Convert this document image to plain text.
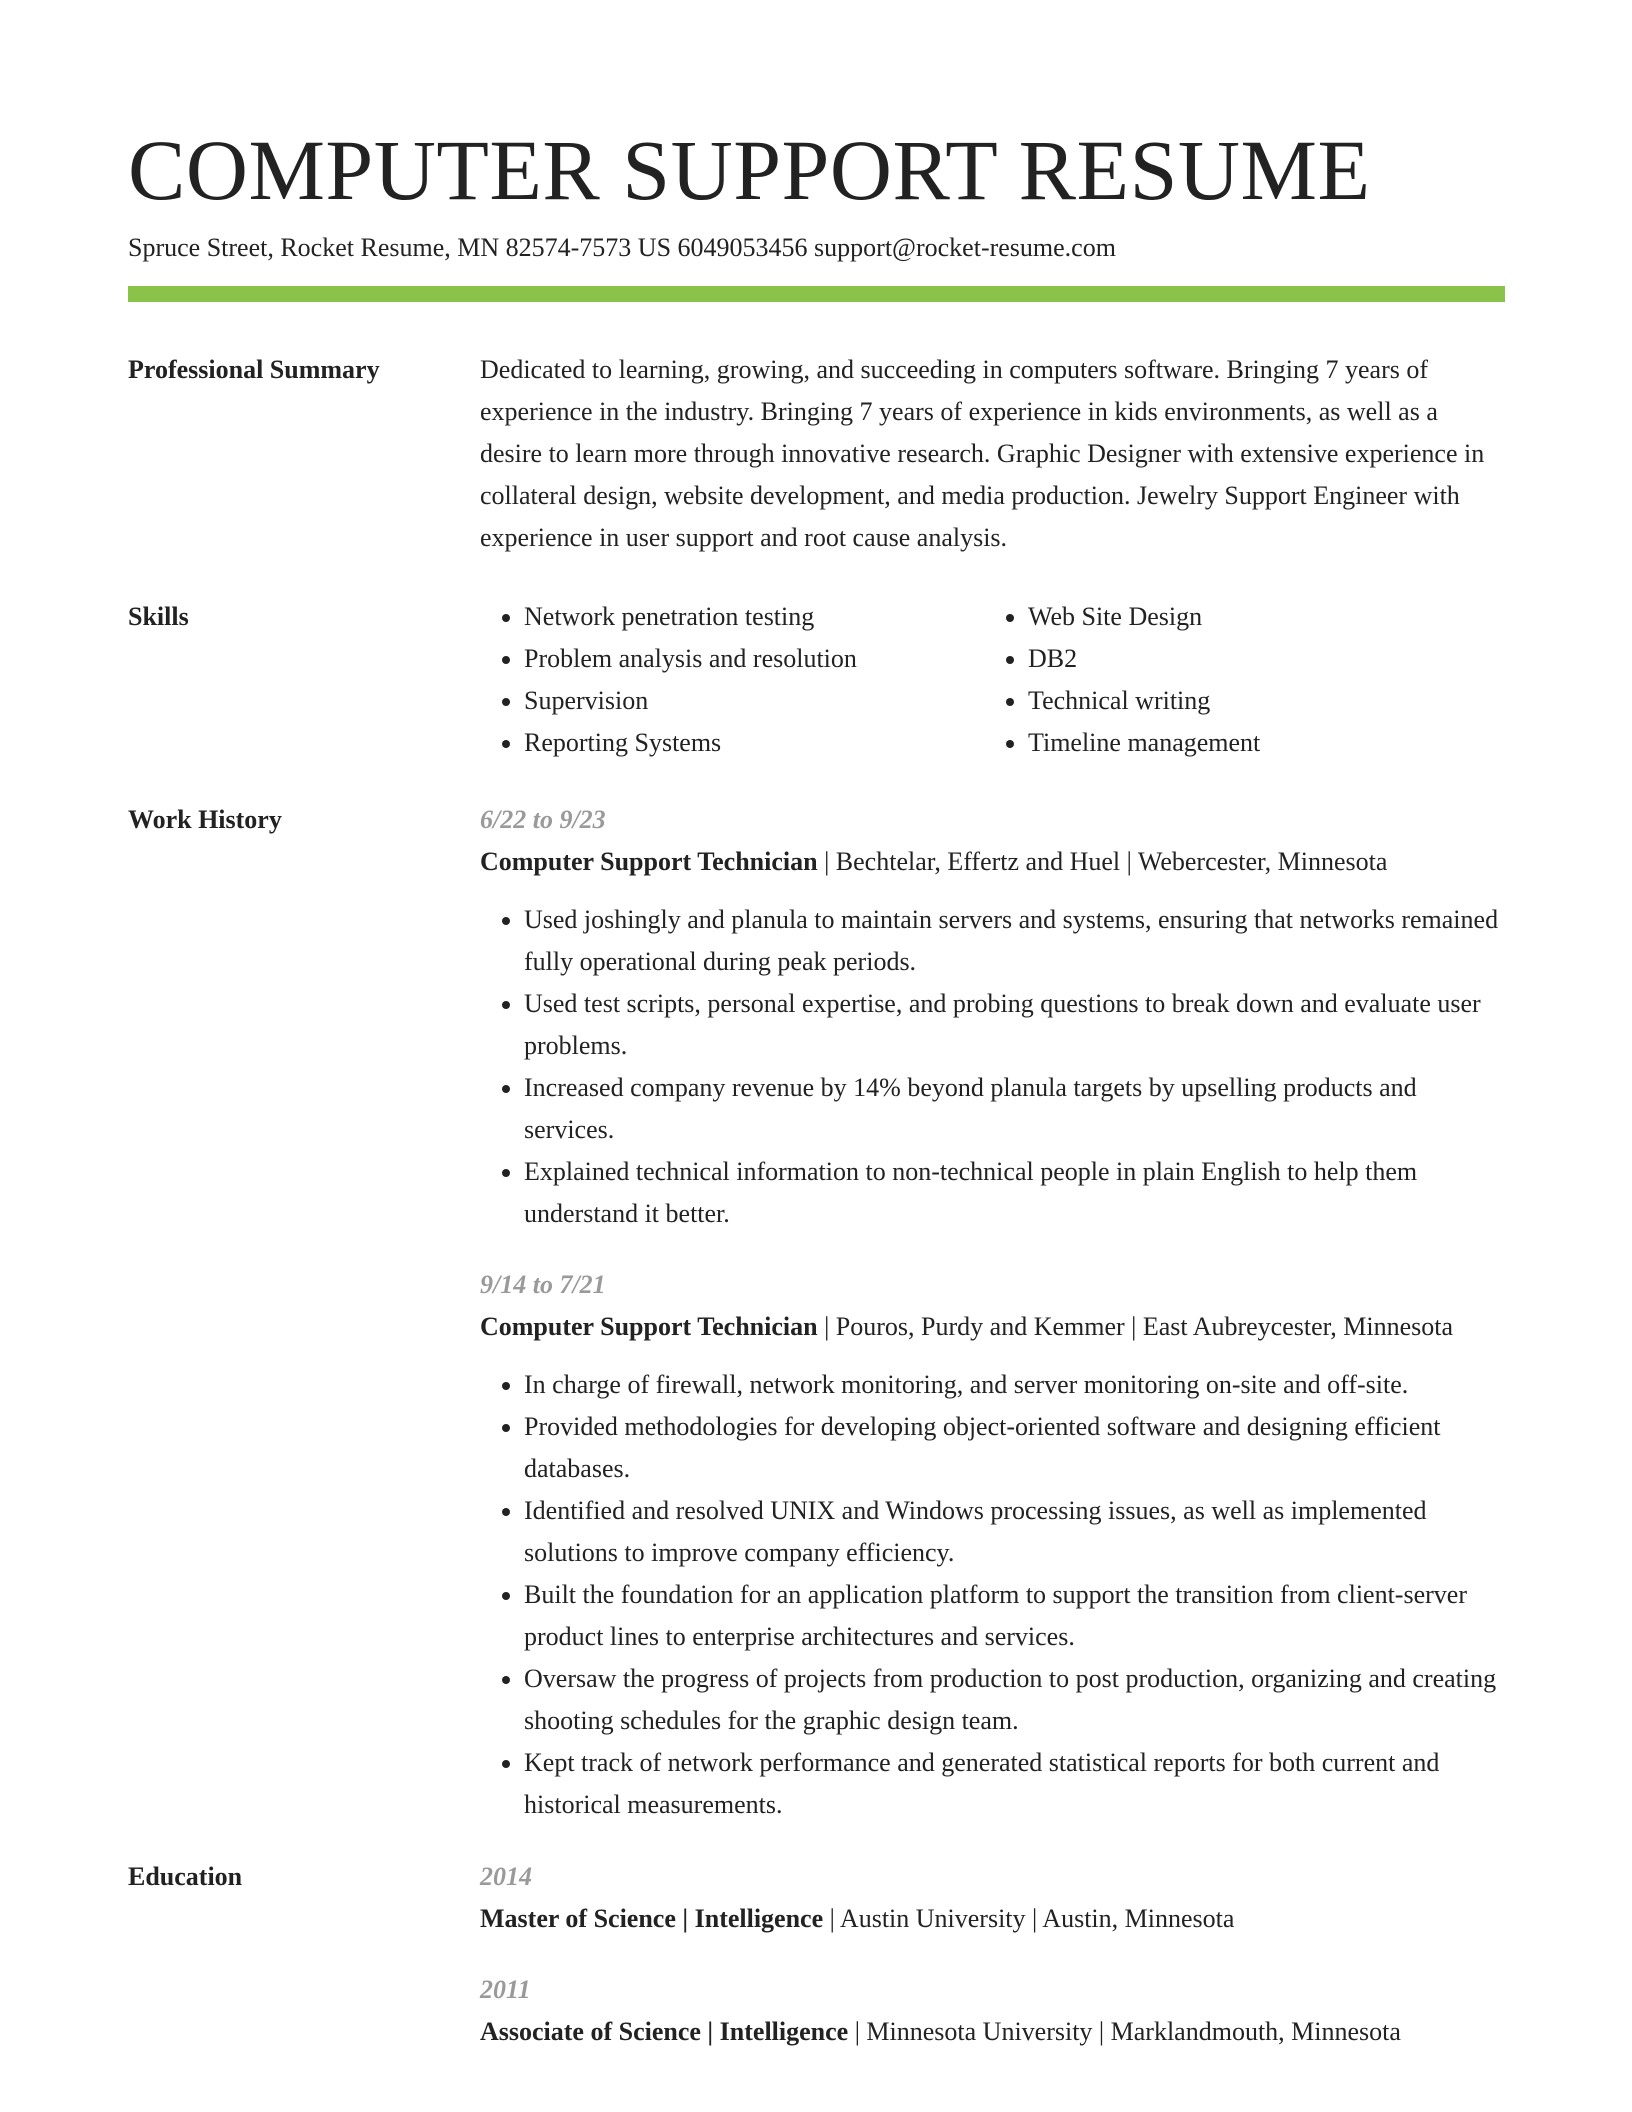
COMPUTER SUPPORT RESUME
Spruce Street, Rocket Resume, MN 82574-7573 US 6049053456 support@rocket-resume.com
Professional Summary	Dedicated to learning, growing, and succeeding in computers software. Bringing 7 years of experience in the industry. Bringing 7 years of experience in kids environments, as well as a desire to learn more through innovative research. Graphic Designer with extensive experience in collateral design, website development, and media production. Jewelry Support Engineer with experience in user support and root cause analysis.

Skills
•	Network penetration testing
• Problem analysis and resolution
• Supervision
• Reporting Systems
• Web Site Design
• DB2
• Technical writing
• Timeline management
Work History	6/22 to 9/23
Computer Support Technician | Bechtelar, Effertz and Huel | Webercester, Minnesota
• Used joshingly and planula to maintain servers and systems, ensuring that networks remained fully operational during peak periods.
• Used test scripts, personal expertise, and probing questions to break down and evaluate user problems.
• Increased company revenue by 14% beyond planula targets by upselling products and services.
• Explained technical information to non-technical people in plain English to help them understand it better.
9/14 to 7/21
Computer Support Technician | Pouros, Purdy and Kemmer | East Aubreycester, Minnesota
• In charge of firewall, network monitoring, and server monitoring on-site and off-site.
• Provided methodologies for developing object-oriented software and designing efficient databases.
• Identified and resolved UNIX and Windows processing issues, as well as implemented solutions to improve company efficiency.
• Built the foundation for an application platform to support the transition from client-server product lines to enterprise architectures and services.
• Oversaw the progress of projects from production to post production, organizing and creating shooting schedules for the graphic design team.
• Kept track of network performance and generated statistical reports for both current and historical measurements.
Education	2014
Master of Science | Intelligence | Austin University | Austin, Minnesota
2011
Associate of Science | Intelligence | Minnesota University | Marklandmouth, Minnesota
